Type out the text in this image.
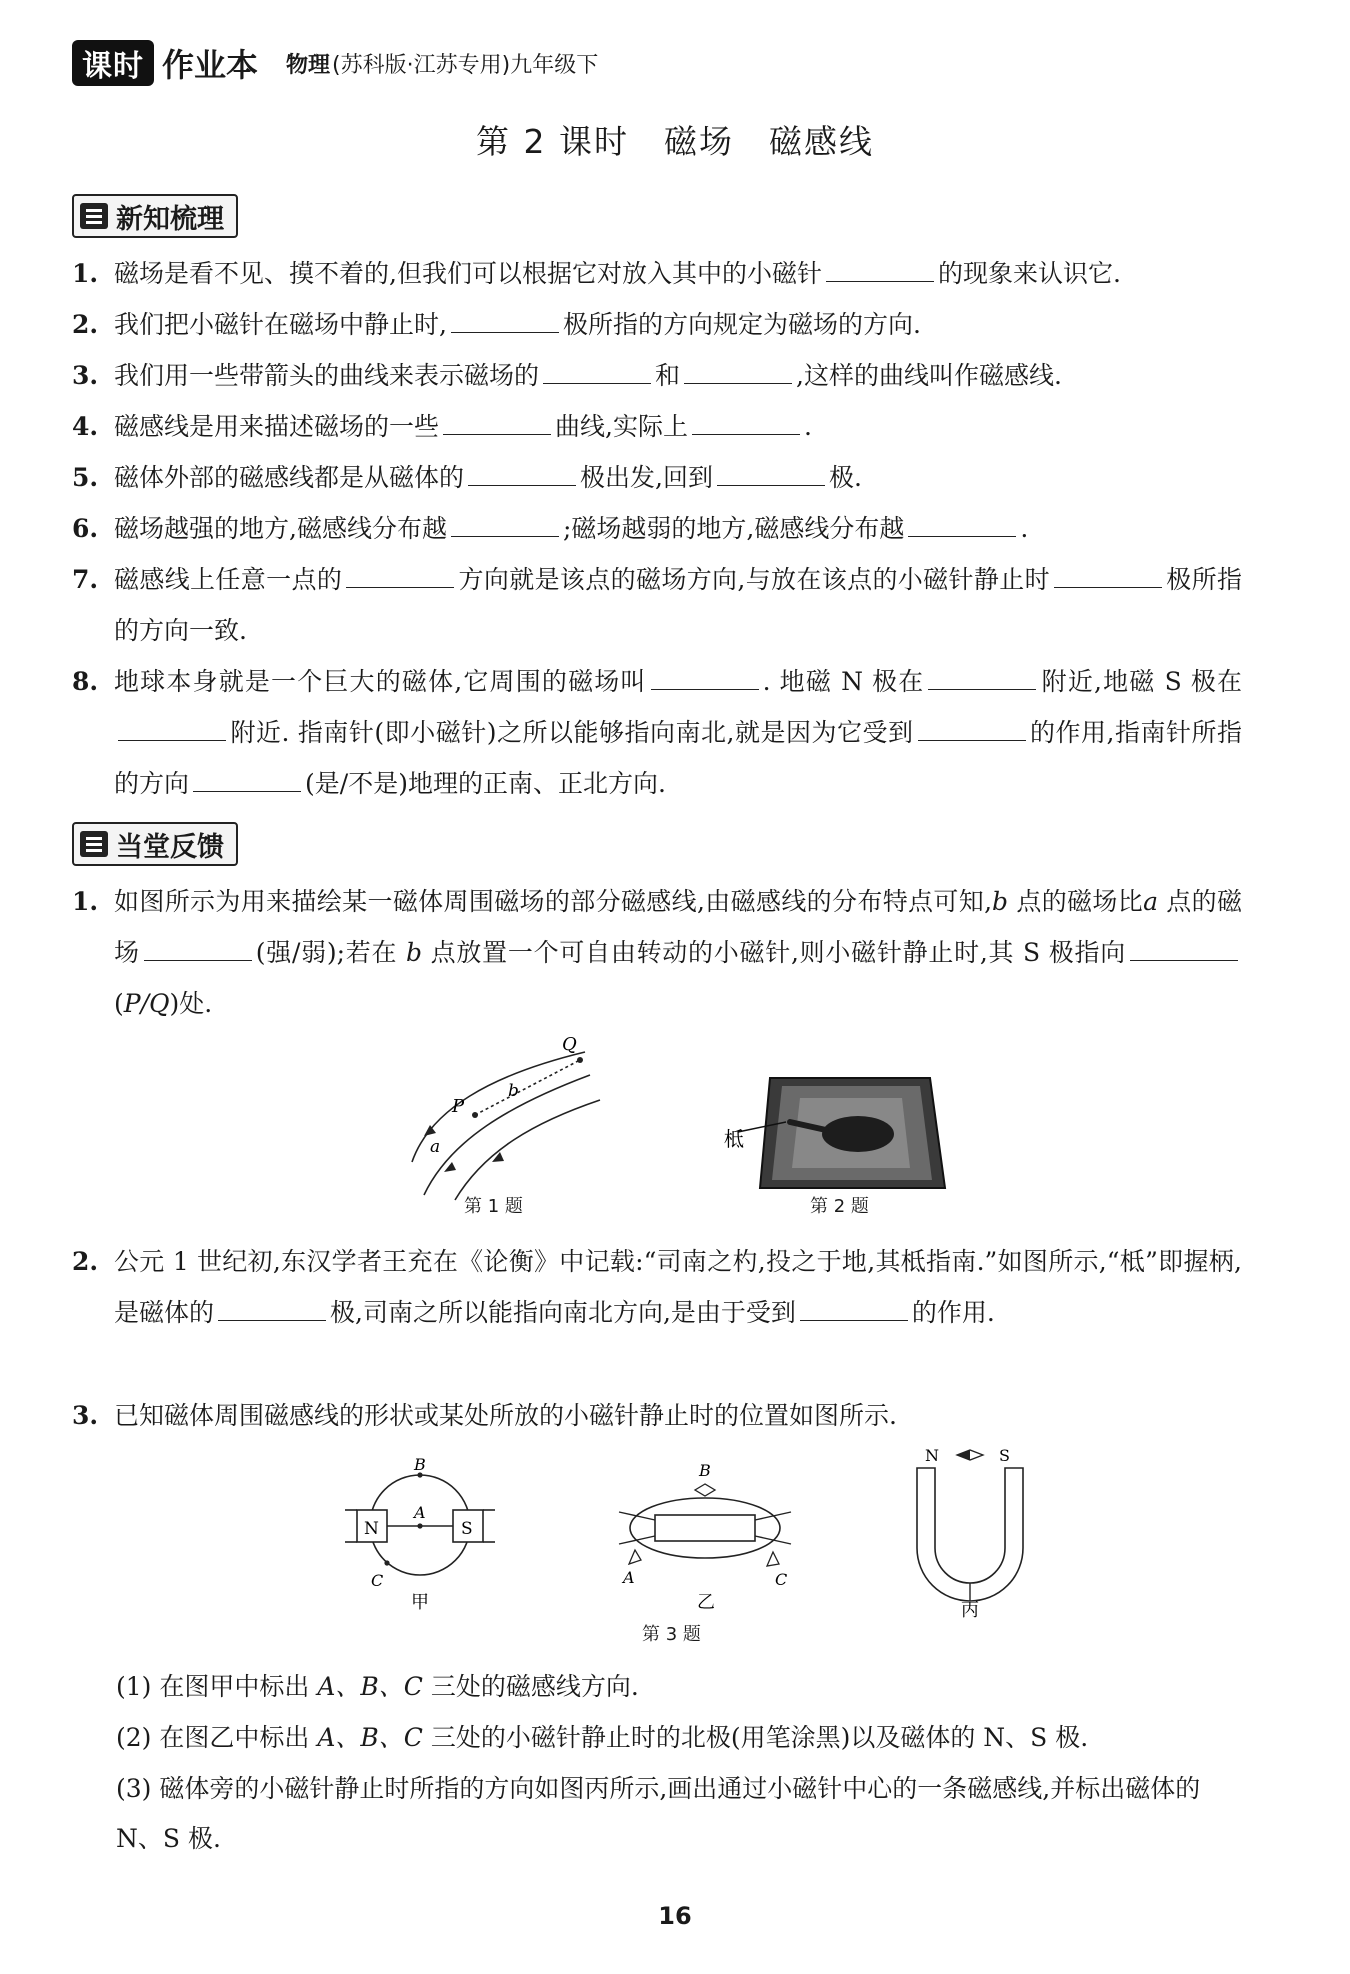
课时 作业本 物理 (苏科版·江苏专用)九年级下
第 2 课时　磁场　磁感线
新知梳理
1. 磁场是看不见、摸不着的,但我们可以根据它对放入其中的小磁针	的现象来认识它.
2. 我们把小磁针在磁场中静止时,	极所指的方向规定为磁场的方向.
3. 我们用一些带箭头的曲线来表示磁场的	和	,这样的曲线叫作磁感线.
4. 磁感线是用来描述磁场的一些	曲线,实际上	.
5. 磁体外部的磁感线都是从磁体的	极出发,回到	极.
6. 磁场越强的地方,磁感线分布越	;磁场越弱的地方,磁感线分布越	.
7. 磁感线上任意一点的	方向就是该点的磁场方向,与放在该点的小磁针静止时	极所指的方向一致.
8. 地球本身就是一个巨大的磁体,它周围的磁场叫	. 地磁 N 极在	附近,地磁 S 极在附近. 指南针(即小磁针)之所以能够指向南北,就是因为它受到	的作用,指南针所指的方向	(是/不是)地理的正南、正北方向.
当堂反馈
1. 如图所示为用来描绘某一磁体周围磁场的部分磁感线,由磁感线的分布特点可知,b 点的磁场比a 点的磁场	(强/弱);若在 b 点放置一个可自由转动的小磁针,则小磁针静止时,其 S 极指向(P/Q)处.
P
Q
a
b
第 1 题
柢
第 2 题
2. 公元 1 世纪初,东汉学者王充在《论衡》中记载:“司南之杓,投之于地,其柢指南.”如图所示,“柢”即握柄,是磁体的	极,司南之所以能指向南北方向,是由于受到	的作用.
3. 已知磁体周围磁感线的形状或某处所放的小磁针静止时的位置如图所示.
N	S
A
B
C
甲
B
A	C
乙
N	S
丙
第 3 题
(1) 在图甲中标出 A、B、C 三处的磁感线方向.
(2) 在图乙中标出 A、B、C 三处的小磁针静止时的北极(用笔涂黑)以及磁体的 N、S 极.
(3) 磁体旁的小磁针静止时所指的方向如图丙所示,画出通过小磁针中心的一条磁感线,并标出磁体的 N、S 极.
16
